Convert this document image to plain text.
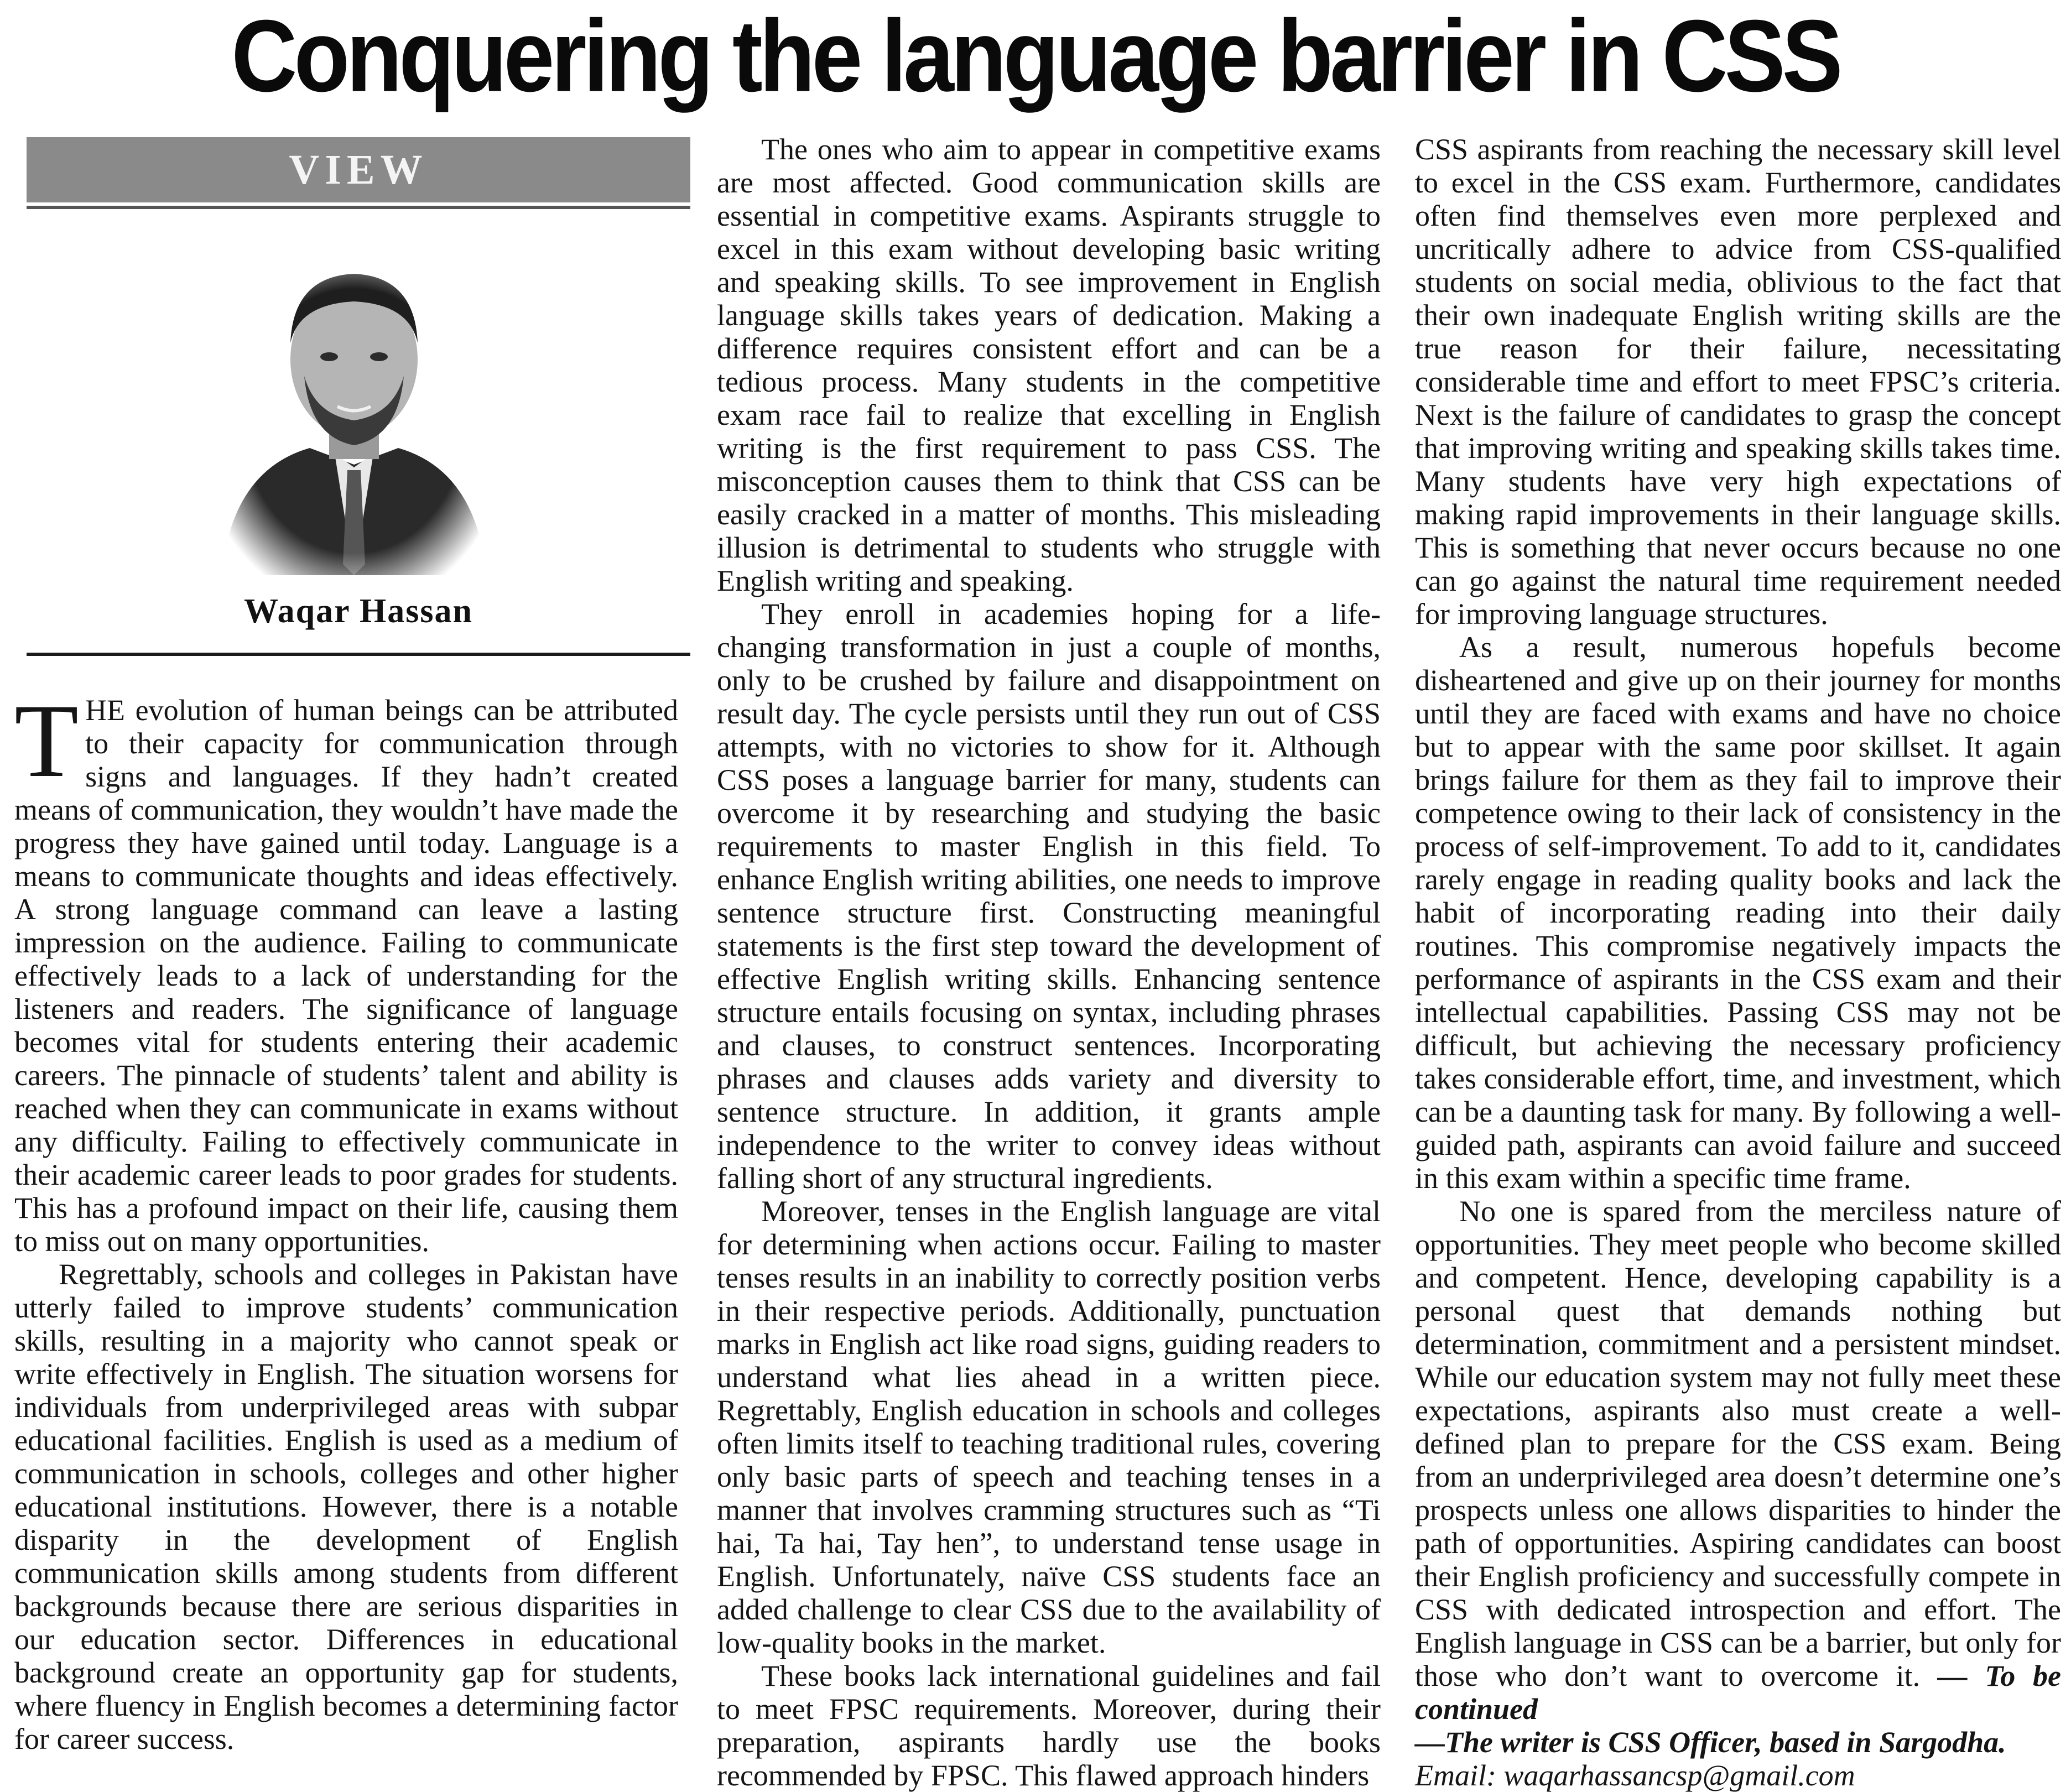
Conquering the language barrier in CSS
VIEW
Waqar Hassan

THE evolution of human beings can be attributed to their capacity for communication through signs and languages. If they hadn’t created means of communication, they wouldn’t have made the progress they have gained until today. Language is a means to communicate thoughts and ideas effectively. A strong language command can leave a lasting impression on the audience. Failing to communicate effectively leads to a lack of understanding for the listeners and readers. The significance of language becomes vital for students entering their academic careers. The pinnacle of students’ talent and ability is reached when they can communicate in exams without any difficulty. Failing to effectively communicate in their academic career leads to poor grades for students. This has a profound impact on their life, causing them to miss out on many opportunities.

Regrettably, schools and colleges in Pakistan have utterly failed to improve students’ communication skills, resulting in a majority who cannot speak or write effectively in English. The situation worsens for individuals from underprivileged areas with subpar educational facilities. English is used as a medium of communication in schools, colleges and other higher educational institutions. However, there is a notable disparity in the development of English communication skills among students from different backgrounds because there are serious disparities in our education sector. Differences in educational background create an opportunity gap for students, where fluency in English becomes a determining factor for career success.

The ones who aim to appear in competitive exams are most affected. Good communication skills are essential in competitive exams. Aspirants struggle to excel in this exam without developing basic writing and speaking skills. To see improvement in English language skills takes years of dedication. Making a difference requires consistent effort and can be a tedious process. Many students in the competitive exam race fail to realize that excelling in English writing is the first requirement to pass CSS. The misconception causes them to think that CSS can be easily cracked in a matter of months. This misleading illusion is detrimental to students who struggle with English writing and speaking.

They enroll in academies hoping for a life-changing transformation in just a couple of months, only to be crushed by failure and disappointment on result day. The cycle persists until they run out of CSS attempts, with no victories to show for it. Although CSS poses a language barrier for many, students can overcome it by researching and studying the basic requirements to master English in this field. To enhance English writing abilities, one needs to improve sentence structure first. Constructing meaningful statements is the first step toward the development of effective English writing skills. Enhancing sentence structure entails focusing on syntax, including phrases and clauses, to construct sentences. Incorporating phrases and clauses adds variety and diversity to sentence structure. In addition, it grants ample independence to the writer to convey ideas without falling short of any structural ingredients.

Moreover, tenses in the English language are vital for determining when actions occur. Failing to master tenses results in an inability to correctly position verbs in their respective periods. Additionally, punctuation marks in English act like road signs, guiding readers to understand what lies ahead in a written piece. Regrettably, English education in schools and colleges often limits itself to teaching traditional rules, covering only basic parts of speech and teaching tenses in a manner that involves cramming structures such as “Ti hai, Ta hai, Tay hen”, to understand tense usage in English. Unfortunately, naïve CSS students face an added challenge to clear CSS due to the availability of low-quality books in the market.

These books lack international guidelines and fail to meet FPSC requirements. Moreover, during their preparation, aspirants hardly use the books recommended by FPSC. This flawed approach hinders

CSS aspirants from reaching the necessary skill level to excel in the CSS exam. Furthermore, candidates often find themselves even more perplexed and uncritically adhere to advice from CSS-qualified students on social media, oblivious to the fact that their own inadequate English writing skills are the true reason for their failure, necessitating considerable time and effort to meet FPSC’s criteria. Next is the failure of candidates to grasp the concept that improving writing and speaking skills takes time. Many students have very high expectations of making rapid improvements in their language skills. This is something that never occurs because no one can go against the natural time requirement needed for improving language structures.

As a result, numerous hopefuls become disheartened and give up on their journey for months until they are faced with exams and have no choice but to appear with the same poor skillset. It again brings failure for them as they fail to improve their competence owing to their lack of consistency in the process of self-improvement. To add to it, candidates rarely engage in reading quality books and lack the habit of incorporating reading into their daily routines. This compromise negatively impacts the performance of aspirants in the CSS exam and their intellectual capabilities. Passing CSS may not be difficult, but achieving the necessary proficiency takes considerable effort, time, and investment, which can be a daunting task for many. By following a well-guided path, aspirants can avoid failure and succeed in this exam within a specific time frame.

No one is spared from the merciless nature of opportunities. They meet people who become skilled and competent. Hence, developing capability is a personal quest that demands nothing but determination, commitment and a persistent mindset. While our education system may not fully meet these expectations, aspirants also must create a well-defined plan to prepare for the CSS exam. Being from an underprivileged area doesn’t determine one’s prospects unless one allows disparities to hinder the path of opportunities. Aspiring candidates can boost their English proficiency and successfully compete in CSS with dedicated introspection and effort. The English language in CSS can be a barrier, but only for those who don’t want to overcome it. — To be continued

—The writer is CSS Officer, based in Sargodha.

Email: waqarhassancsp@gmail.com
